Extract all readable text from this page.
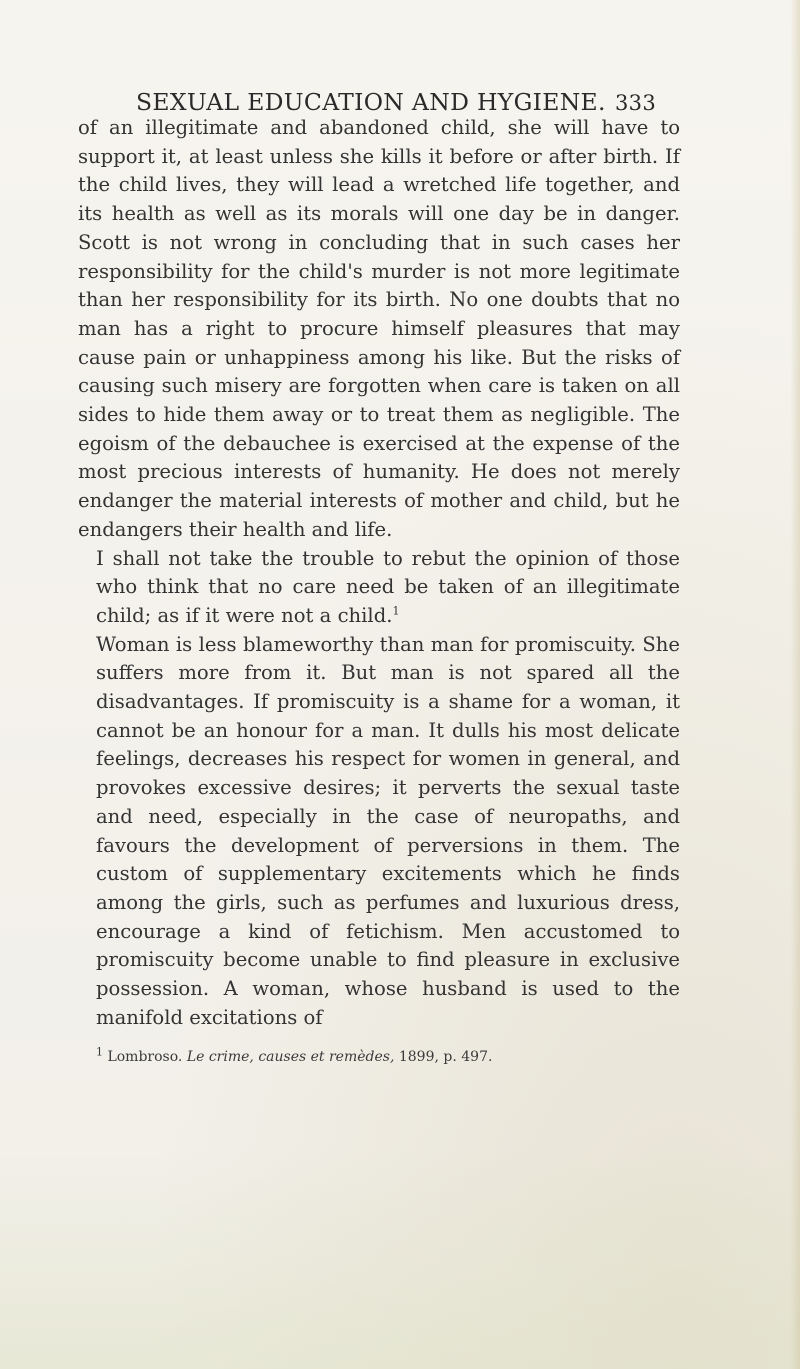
SEXUAL EDUCATION AND HYGIENE. 333

of an illegitimate and abandoned child, she will have to support it, at least unless she kills it before or after birth. If the child lives, they will lead a wretched life together, and its health as well as its morals will one day be in danger. Scott is not wrong in concluding that in such cases her responsibility for the child's murder is not more legitimate than her responsibility for its birth. No one doubts that no man has a right to procure himself pleasures that may cause pain or unhappiness among his like. But the risks of causing such misery are forgotten when care is taken on all sides to hide them away or to treat them as negligible. The egoism of the debauchee is exercised at the expense of the most precious interests of humanity. He does not merely endanger the material interests of mother and child, but he endangers their health and life.

I shall not take the trouble to rebut the opinion of those who think that no care need be taken of an illegitimate child; as if it were not a child.$^1$

Woman is less blameworthy than man for promiscuity. She suffers more from it. But man is not spared all the disadvantages. If promiscuity is a shame for a woman, it cannot be an honour for a man. It dulls his most delicate feelings, decreases his respect for women in general, and provokes excessive desires; it perverts the sexual taste and need, especially in the case of neuropaths, and favours the development of perversions in them. The custom of supplementary excitements which he finds among the girls, such as perfumes and luxurious dress, encourage a kind of fetichism. Men accustomed to promiscuity become unable to find pleasure in exclusive possession. A woman, whose husband is used to the manifold excitations of

$^1$ Lombroso. Le crime, causes et remèdes, 1899, p. 497.
